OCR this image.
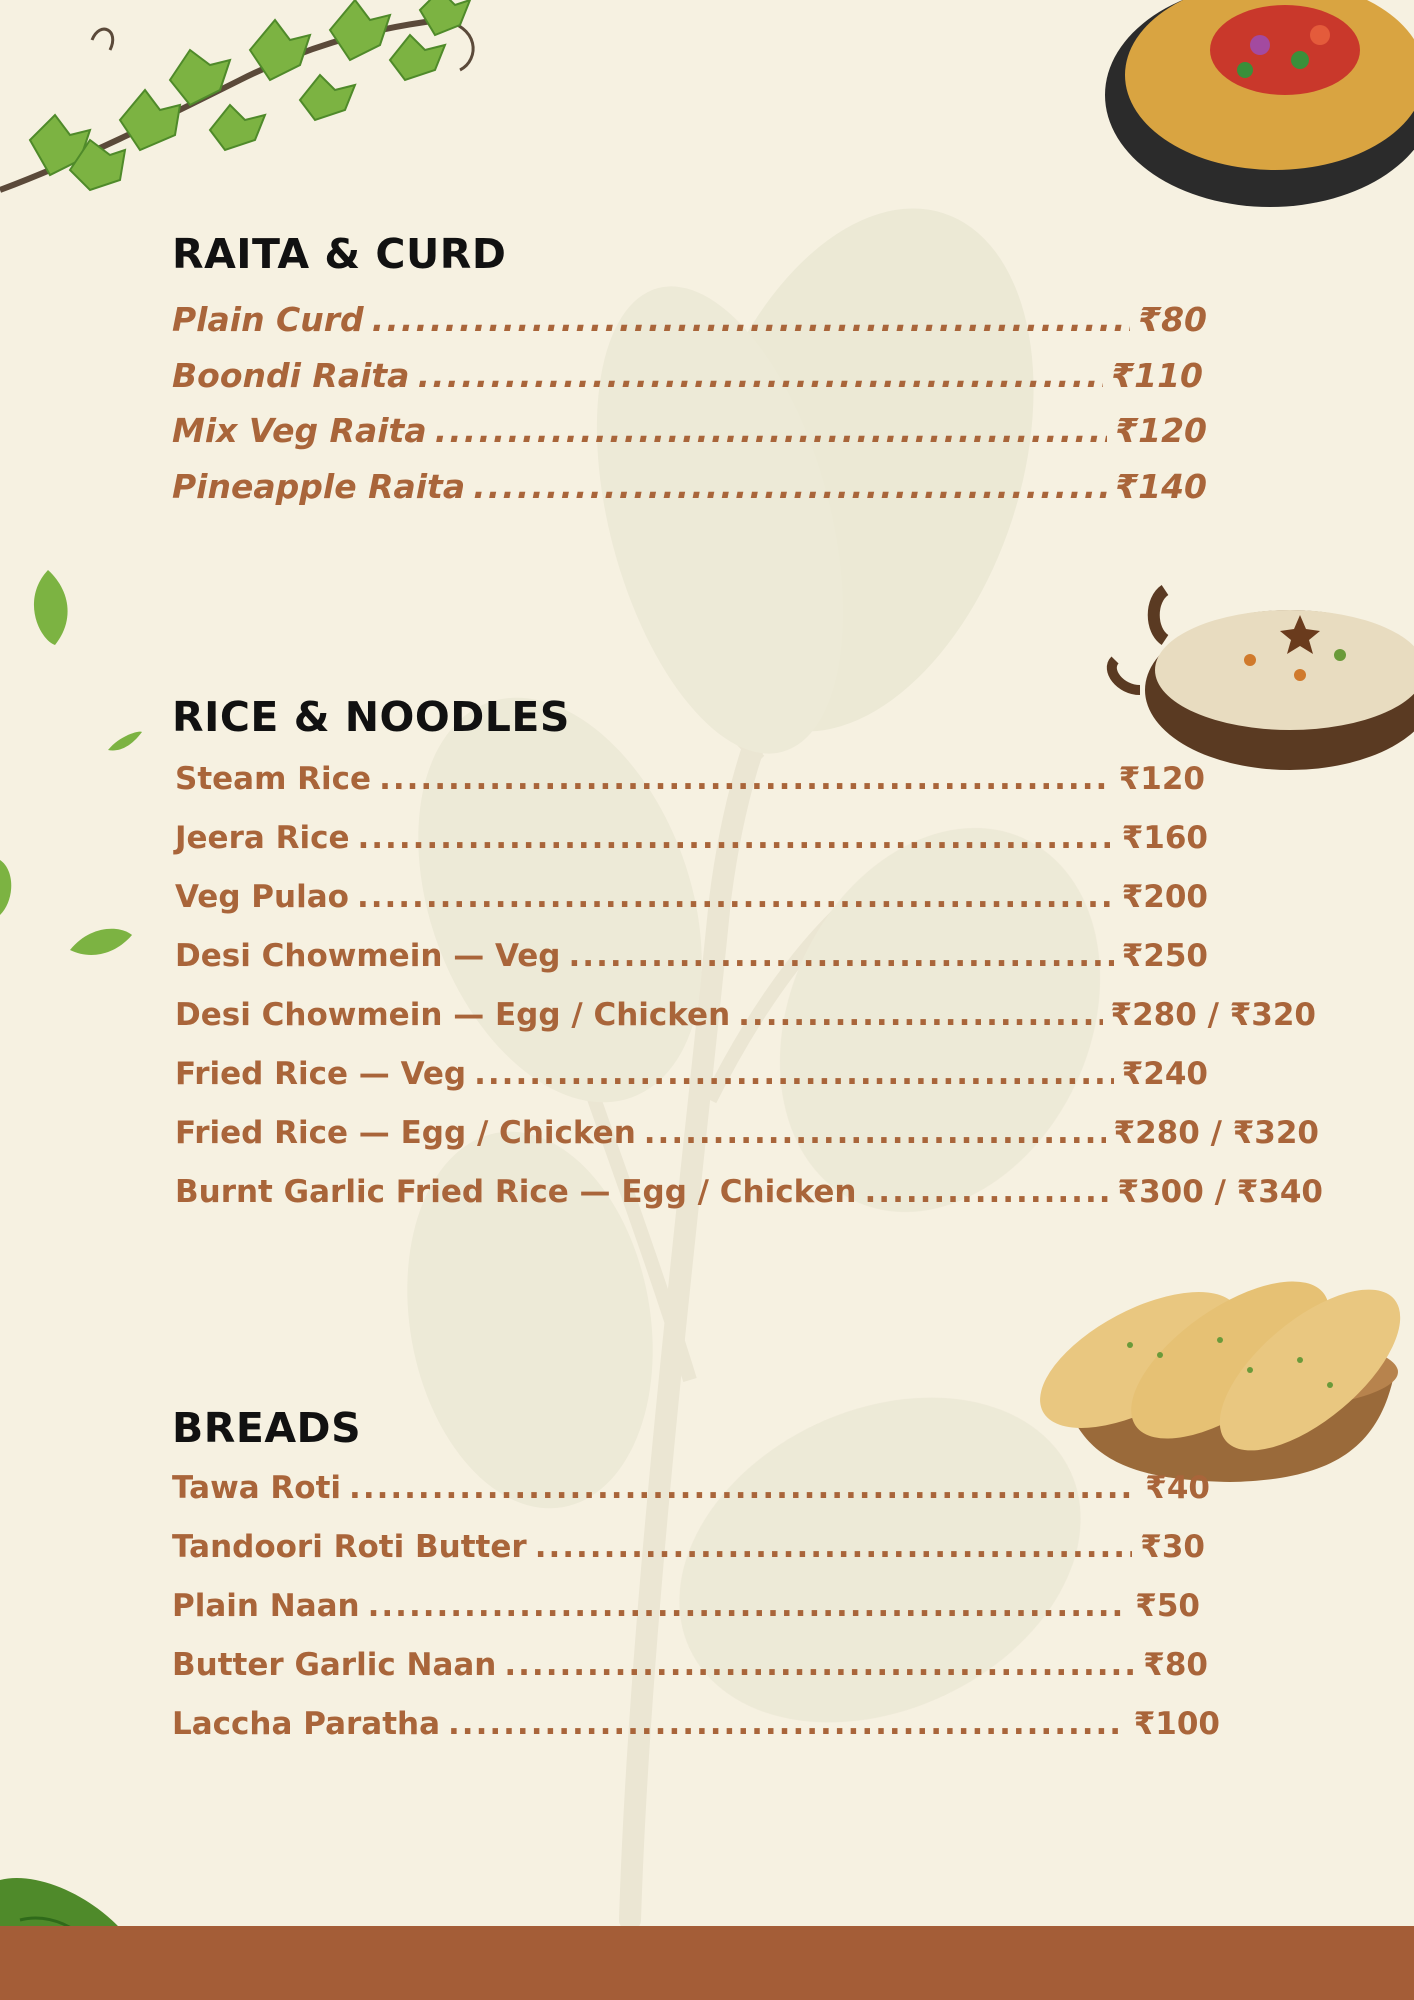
RAITA & CURD
Plain Curd .....	₹80
Boondi Raita .....	₹110
Mix Veg Raita .....	₹120
Pineapple Raita .....	₹140
RICE & NOODLES
Steam Rice .....	₹120
Jeera Rice .....	₹160
Veg Pulao .....	₹200
Desi Chowmein — Veg .....	₹250
Desi Chowmein — Egg / Chicken .....	₹280 / ₹320
Fried Rice — Veg .....	₹240
Fried Rice — Egg / Chicken .....	₹280 / ₹320
Burnt Garlic Fried Rice — Egg / Chicken .....	₹300 / ₹340
BREADS
Tawa Roti .....	₹40
Tandoori Roti Butter .....	₹30
Plain Naan .....	₹50
Butter Garlic Naan .....	₹80
Laccha Paratha .....	₹100
